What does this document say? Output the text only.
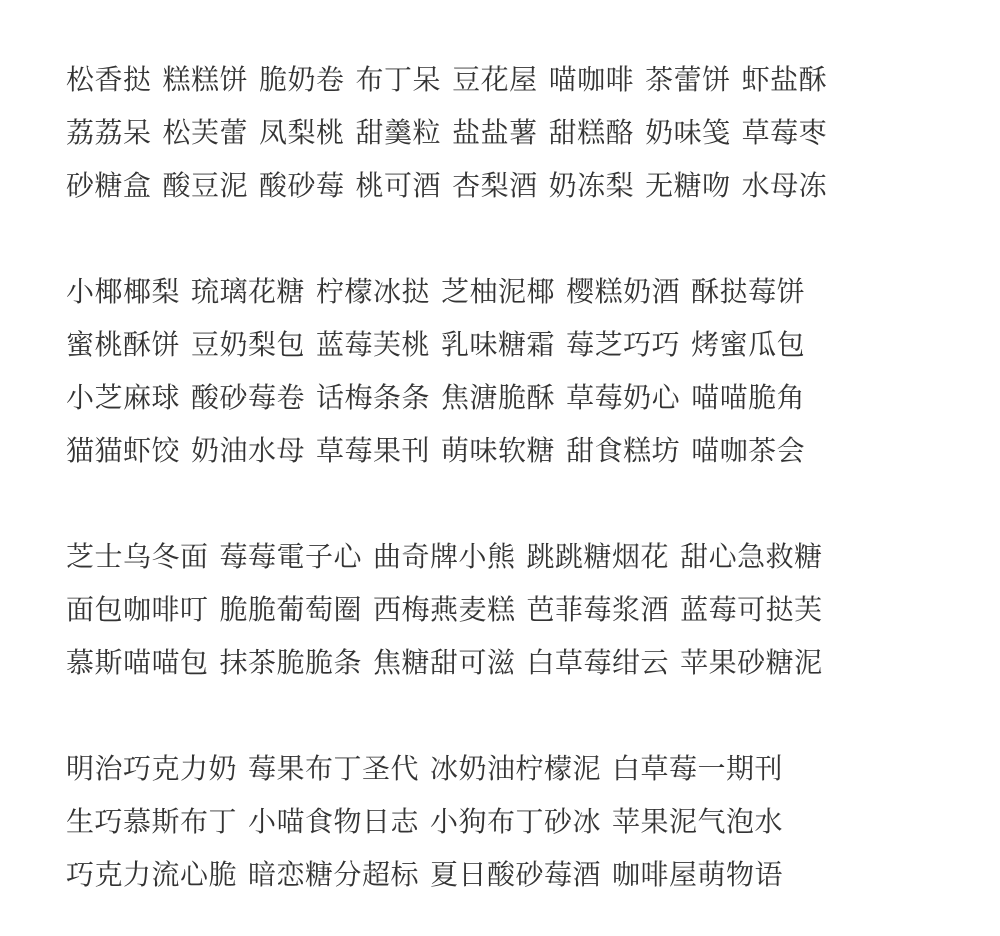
松香挞 糕糕饼 脆奶卷 布丁呆 豆花屋 喵咖啡 茶蕾饼 虾盐酥
荔荔呆 松芙蕾 凤梨桃 甜羹粒 盐盐薯 甜糕酪 奶味笺 草莓枣
砂糖盒 酸豆泥 酸砂莓 桃可酒 杏梨酒 奶冻梨 无糖吻 水母冻
小椰椰梨 琉璃花糖 柠檬冰挞 芝柚泥椰 樱糕奶酒 酥挞莓饼
蜜桃酥饼 豆奶梨包 蓝莓芙桃 乳味糖霜 莓芝巧巧 烤蜜瓜包
小芝麻球 酸砂莓卷 话梅条条 焦溏脆酥 草莓奶心 喵喵脆角
猫猫虾饺 奶油水母 草莓果刊 萌味软糖 甜食糕坊 喵咖茶会
芝士乌冬面 莓莓電子心 曲奇牌小熊 跳跳糖烟花 甜心急救糖
面包咖啡叮 脆脆葡萄圈 西梅燕麦糕 芭菲莓浆酒 蓝莓可挞芙
慕斯喵喵包 抹茶脆脆条 焦糖甜可滋 白草莓绀云 苹果砂糖泥
明治巧克力奶 莓果布丁圣代 冰奶油柠檬泥 白草莓一期刊
生巧慕斯布丁 小喵食物日志 小狗布丁砂冰 苹果泥气泡水
巧克力流心脆 暗恋糖分超标 夏日酸砂莓酒 咖啡屋萌物语
